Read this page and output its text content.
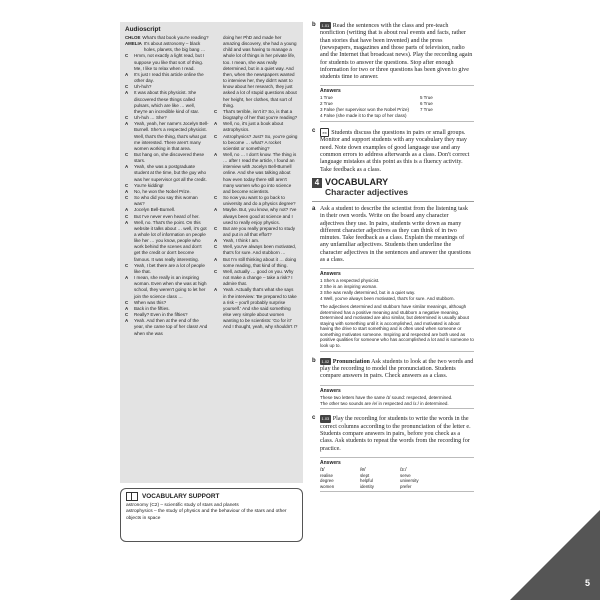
Audioscript
CHLOE What's that book you're reading?
AMELIA It's about astronomy – black holes, planets, the big bang …
C	Hmm, not exactly a light read, but I suppose you like that sort of thing. Me, I like to relax when I read.
A	It's just I read this article online the other day.
C	Uh-huh?
A	It was about this physicist. She discovered these things called pulsars, which are like … well, they're an incredible kind of star.
C	Uh-huh … She?
A	Yeah, yeah, her name's Jocelyn Bell-Burnell. She's a respected physicist. Well, that's the thing, that's what got me interested. There aren't many women working in that area.
C	But hang on, she discovered these stars.
A	Yeah, she was a postgraduate student at the time, but the guy who was her supervisor got all the credit.
C	You're kidding!
A	No, he won the Nobel Prize.
C	So who did you say this woman was?
A	Jocelyn Bell-Burnell.
C	But I've never even heard of her.
A	Well, no. That's the point. On this website it talks about … well, it's got a whole lot of information on people like her … you know, people who work behind the scenes and don't get the credit or don't become famous. It was really interesting.
C	Yeah, I bet there are a lot of people like that.
A	I mean, she really is an inspiring woman. Even when she was at high school, they weren't going to let her join the science class …
C	When was this?
A	Back in the fifties.
C	Really? Even in the fifties?
A	Yeah. And then at the end of the year, she came top of her class! And when she was
doing her PhD and made her amazing discovery, she had a young child and was having to manage a whole lot of things in her private life, too. I mean, she was really determined, but in a quiet way. And then, when the newspapers wanted to interview her, they didn't want to know about her research, they just asked a lot of stupid questions about her height, her clothes, that sort of thing.
C	That's terrible, isn't it? So, is that a biography of her that you're reading?
A	Well, no, it's just a book about astrophysics.
C	Astrophysics? Just? So, you're going to become … what? A rocket scientist or something?
A	Well, no … I don't know. The thing is … after I read the article, I found an interview with Jocelyn Bell-Burnell online. And she was talking about how even today there still aren't many women who go into science and become scientists.
C	So now you want to go back to university and do a physics degree?
A	Maybe. But, you know, why not? I've always been good at science and I used to really enjoy physics.
C	But are you really prepared to study and put in all that effort?
A	Yeah, I think I am.
C	Well, you've always been motivated, that's for sure. And stubborn …
A	But I'm still thinking about it … doing some reading, that kind of thing.
C	Well, actually … good on you. Why not make a change – take a risk? I admire that.
A	Yeah. Actually that's what she says in the interview: 'Be prepared to take a risk – you'll probably surprise yourself.' And she said something else very simple about women wanting to be scientists: 'Go for it!' And I thought, yeah, why shouldn't I?
VOCABULARY SUPPORT
astronomy (C2) – scientific study of stars and planets
astrophysics – the study of physics and the behaviour of the stars and other objects in space
b	1.01 Read the sentences with the class and pre-teach nonfiction (writing that is about real events and facts, rather than stories that have been invented) and the press (newspapers, magazines and those parts of television, radio and the Internet that broadcast news). Play the recording again for students to answer the questions. Stop after enough information for two or three questions has been given to give students time to answer.
Answers
1 True
2 True
3 False (her supervisor won the Nobel Prize)
4 False (she made it to the top of her class)
5 True
6 True
7 True
c	ex Students discuss the questions in pairs or small groups. Monitor and support students with any vocabulary they may need. Note down examples of good language use and any common errors to address afterwards as a class. Don't correct language mistakes at this point as this is a fluency activity. Take feedback as a class.
4 VOCABULARY
Character adjectives
a Ask a student to describe the scientist from the listening task in their own words. Write on the board any character adjectives they use. In pairs, students write down as many different character adjectives as they can think of in two minutes. Take feedback as a class. Explain the meanings of any unfamiliar adjectives. Students then underline the character adjectives in the sentences and answer the questions as a class.
Answers
1 She's a respected physicist.
2 She is an inspiring woman.
3 She was really determined, but in a quiet way.
4 Well, you've always been motivated, that's for sure. And stubborn.
The adjectives determined and stubborn have similar meanings, although determined has a positive meaning and stubborn a negative meaning. Determined and motivated are also similar, but determined is usually about staying with something until it is accomplished, and motivated is about having the drive to start something and is often used when someone or something motivates someone. Inspiring and respected are both used as positive qualities for someone who has accomplished a lot and is someone to look up to.
b	1.02 Pronunciation Ask students to look at the two words and play the recording to model the pronunciation. Students compare answers in pairs. Check answers as a class.
Answers
These two letters have the same /ɪ/ sound: respected, determined.
The other two sounds are /e/ in respected and /ɜː/ in determined.
c	1.03 Play the recording for students to write the words in the correct columns according to the pronunciation of the letter e. Students compare answers in pairs, before you check as a class. Ask students to repeat the words from the recording for practice.
Answers
/ɪ/
realise
degree
women
/e/
slept
helpful
identity
/ɜː/
serve
university
prefer
5
